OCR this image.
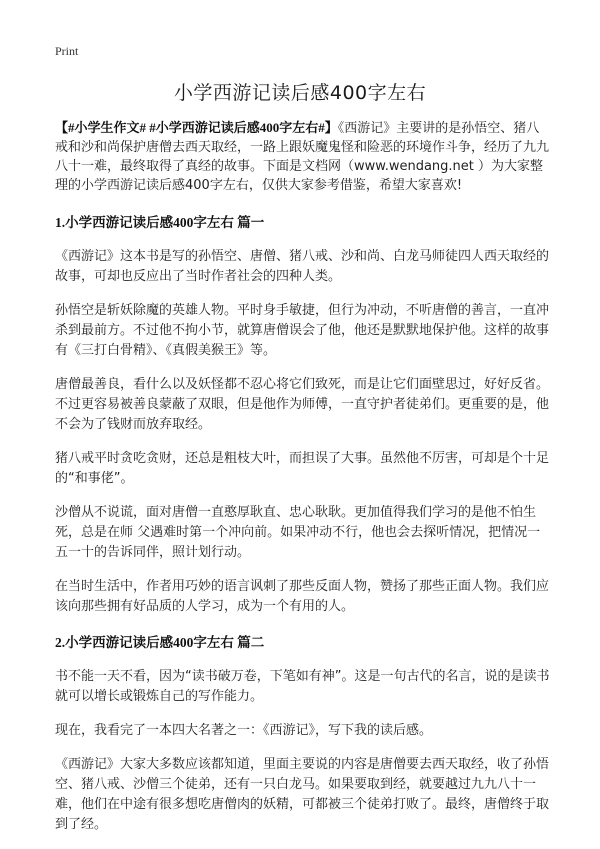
Print
小学西游记读后感400字左右

【#小学生作文# #小学西游记读后感400字左右#】《西游记》主要讲的是孙悟空、猪八戒和沙和尚保护唐僧去西天取经，一路上跟妖魔鬼怪和险恶的环境作斗争，经历了九九八十一难，最终取得了真经的故事。下面是文档网（www.wendang.net ）为大家整理的小学西游记读后感400字左右，仅供大家参考借鉴，希望大家喜欢!

1.小学西游记读后感400字左右 篇一

《西游记》这本书是写的孙悟空、唐僧、猪八戒、沙和尚、白龙马师徒四人西天取经的故事，可却也反应出了当时作者社会的四种人类。

孙悟空是斩妖除魔的英雄人物。平时身手敏捷，但行为冲动，不听唐僧的善言，一直冲杀到最前方。不过他不拘小节，就算唐僧误会了他，他还是默默地保护他。这样的故事有《三打白骨精》、《真假美猴王》等。

唐僧最善良，看什么以及妖怪都不忍心将它们致死，而是让它们面壁思过，好好反省。不过更容易被善良蒙蔽了双眼，但是他作为师傅，一直守护者徒弟们。更重要的是，他不会为了钱财而放弃取经。

猪八戒平时贪吃贪财，还总是粗枝大叶，而担误了大事。虽然他不厉害，可却是个十足的“和事佬”。

沙僧从不说谎，面对唐僧一直憨厚耿直、忠心耿耿。更加值得我们学习的是他不怕生死，总是在师 父遇难时第一个冲向前。如果冲动不行，他也会去探听情况，把情况一五一十的告诉同伴，照计划行动。

在当时生活中，作者用巧妙的语言讽刺了那些反面人物，赞扬了那些正面人物。我们应该向那些拥有好品质的人学习，成为一个有用的人。

2.小学西游记读后感400字左右 篇二

书不能一天不看，因为“读书破万卷，下笔如有神”。这是一句古代的名言，说的是读书就可以增长或锻炼自己的写作能力。

现在，我看完了一本四大名著之一：《西游记》，写下我的读后感。

《西游记》大家大多数应该都知道，里面主要说的内容是唐僧要去西天取经，收了孙悟空、猪八戒、沙僧三个徒弟，还有一只白龙马。如果要取到经，就要越过九九八十一难，他们在中途有很多想吃唐僧肉的妖精，可都被三个徒弟打败了。最终，唐僧终于取到了经。
